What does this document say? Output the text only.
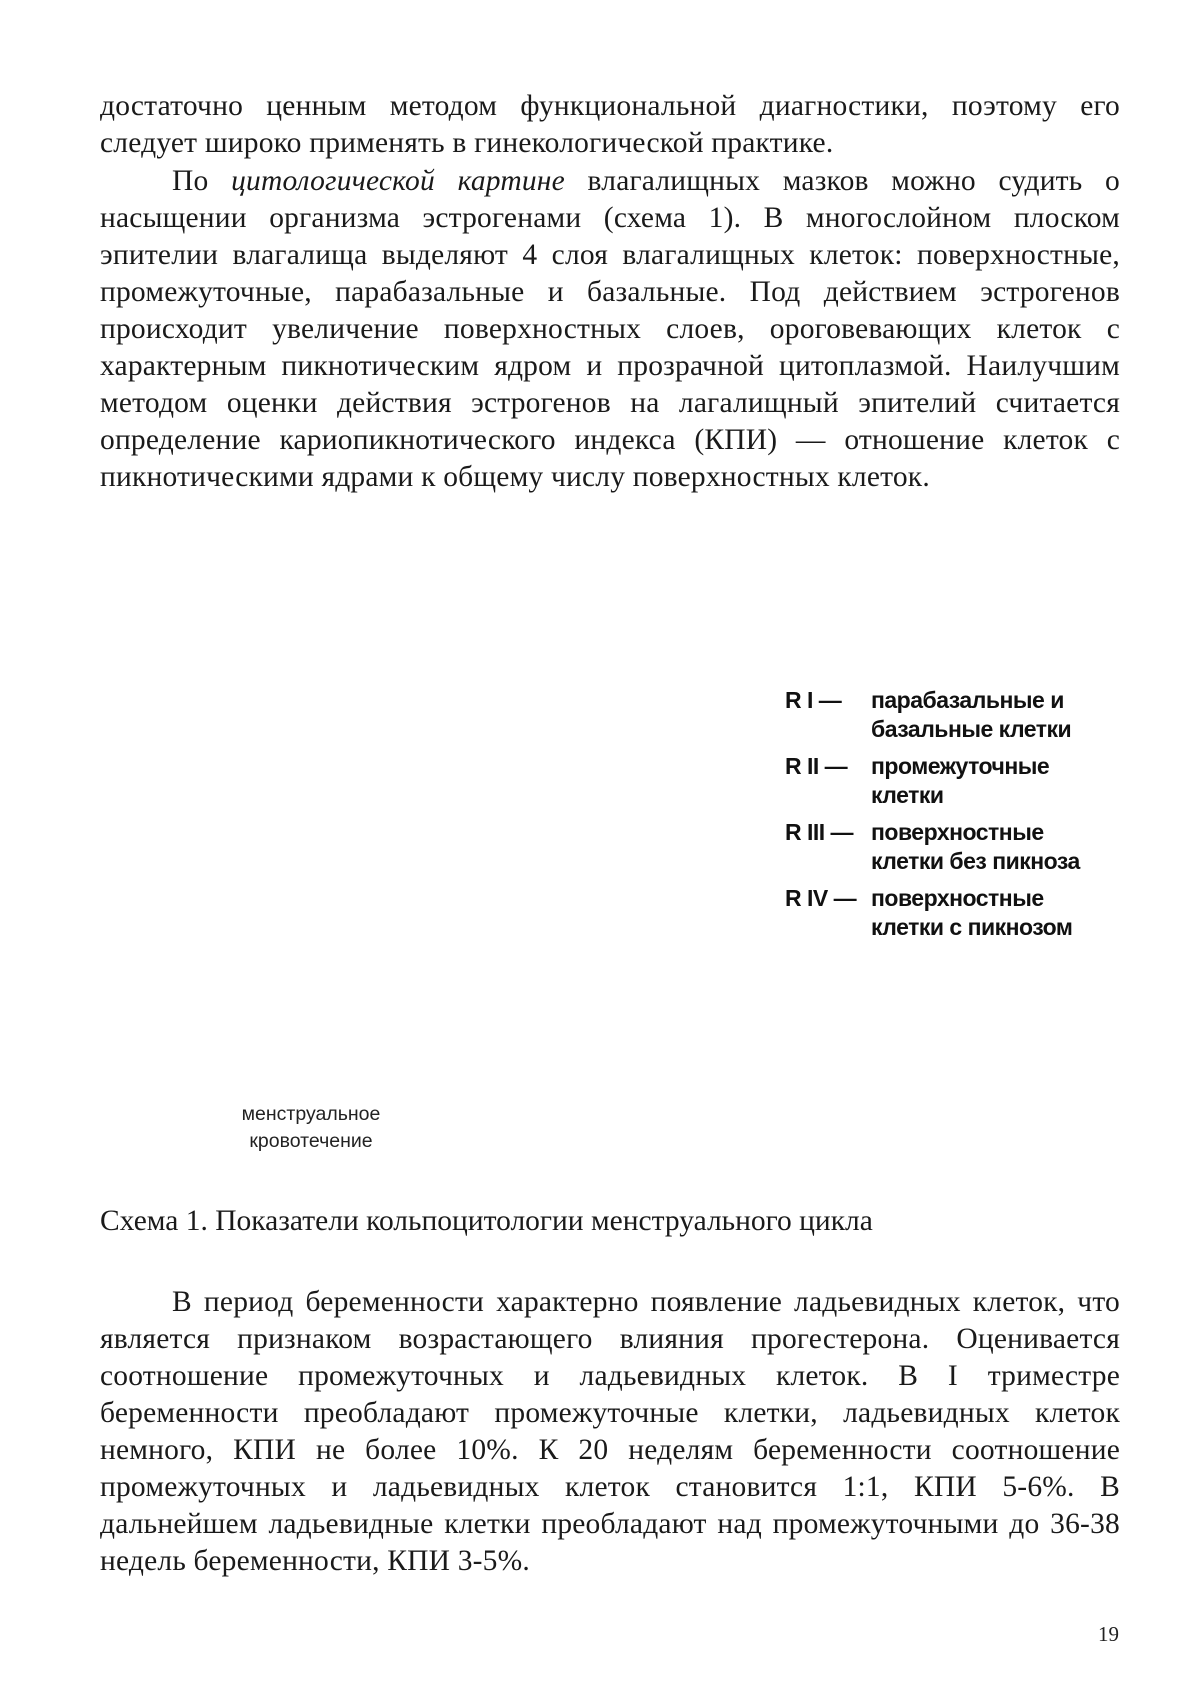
достаточно ценным методом функциональной диагностики, поэтому его следует широко применять в гинекологической практике.

По цитологической картине влагалищных мазков можно судить о насыщении организма эстрогенами (схема 1). В многослойном плоском эпителии влагалища выделяют 4 слоя влагалищных клеток: поверхностные, промежуточные, парабазальные и базальные. Под действием эстрогенов происходит увеличение поверхностных слоев, ороговевающих клеток с характерным пикнотическим ядром и прозрачной цитоплазмой. Наилучшим методом оценки действия эстрогенов на лагалищный эпителий считается определение кариопикнотического индекса (КПИ) — отношение клеток с пикнотическими ядрами к общему числу поверхностных клеток.

R I —	парабазальные и
базальные клетки
R II —	промежуточные
клетки
R III — поверхностные
клетки без пикноза
R IV — поверхностные
клетки с пикнозом
менструальное
кровотечение

Схема 1. Показатели кольпоцитологии менструального цикла

В период беременности характерно появление ладьевидных клеток, что является признаком возрастающего влияния прогестерона. Оценивается соотношение промежуточных и ладьевидных клеток. В I триместре беременности преобладают промежуточные клетки, ладьевидных клеток немного, КПИ не более 10%. К 20 неделям беременности соотношение промежуточных и ладьевидных клеток становится 1:1, КПИ 5-6%. В дальнейшем ладьевидные клетки преобладают над промежуточными до 36-38 недель беременности, КПИ 3-5%.

19
